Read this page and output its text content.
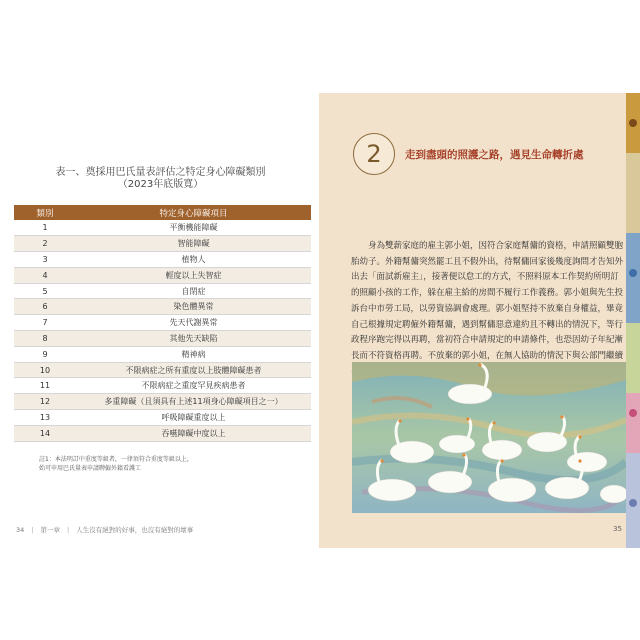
表一、奠採用巴氏量表評估之特定身心障礙類別
（2023年底版寬）
類別	特定身心障礙項目
1	平衡機能障礙
2	智能障礙
3	植物人
4	輕度以上失智症
5	自閉症
6	染色體異常
7	先天代謝異常
8	其他先天缺陷
9	精神病
10	不限病症之所有重度以上肢體障礙患者
11	不限病症之重度罕見疾病患者
12	多重障礙（且須具有上述11項身心障礙項目之一）
13	呼吸障礙重度以上
14	吞嚥障礙中度以上
註1：本法明訂中重度等級者，一律須符合重度等級以上，
始可申用巴氏量表申請聘僱外籍看護工
34 | 第一章 | 人生沒有絕對的好事，也沒有絕對的壞事
2	走到盡頭的照護之路，遇見生命轉折處

身為雙薪家庭的雇主郭小姐，因符合家庭幫傭的資格，申請照顧雙胞胎幼子。外籍幫傭突然罷工且不假外出，待幫傭回家後幾度詢問才告知外出去「面試新雇主」，接著便以怠工的方式，不照料原本工作契約所明訂的照顧小孩的工作，躲在雇主給的房間不履行工作義務。郭小姐與先生投訴台中市勞工局，以勞資協調會處理。郭小姐堅持不放棄自身權益，畢竟自己根據規定聘僱外籍幫傭，遇到幫傭惡意違約且不轉出的情況下，等行政程序跑完得以再聘，當初符合申請規定的申請條件，也恐因幼子年紀漸長而不符資格再聘。不放棄的郭小姐，在無人協助的情況下與公部門繼續

35
